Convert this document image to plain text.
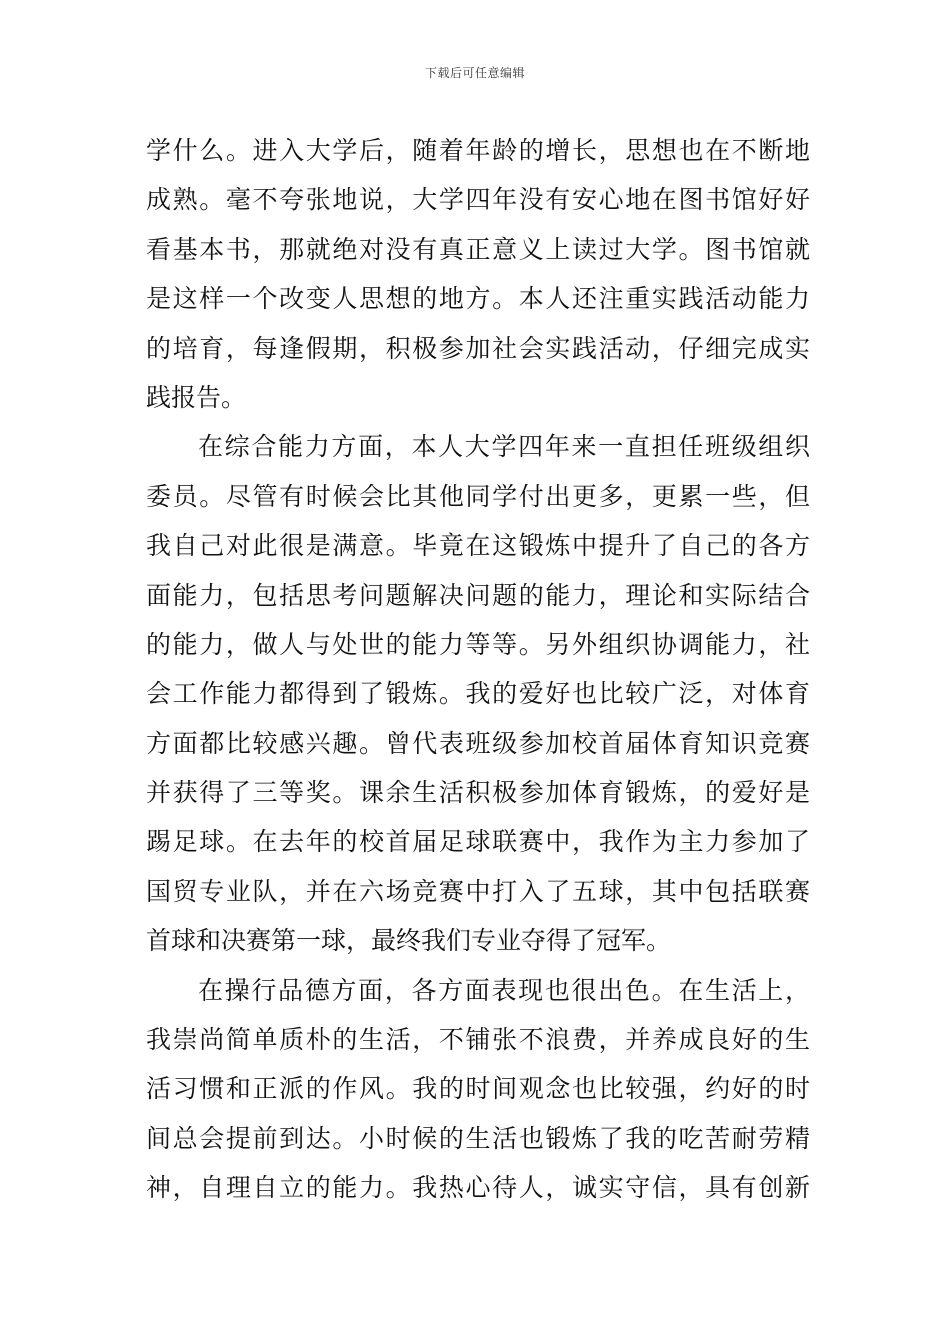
下载后可任意编辑
学什么。进入大学后，随着年龄的增长，思想也在不断地
成熟。毫不夸张地说，大学四年没有安心地在图书馆好好
看基本书，那就绝对没有真正意义上读过大学。图书馆就
是这样一个改变人思想的地方。本人还注重实践活动能力
的培育，每逢假期，积极参加社会实践活动，仔细完成实
践报告。
在综合能力方面，本人大学四年来一直担任班级组织
委员。尽管有时候会比其他同学付出更多，更累一些，但
我自己对此很是满意。毕竟在这锻炼中提升了自己的各方
面能力，包括思考问题解决问题的能力，理论和实际结合
的能力，做人与处世的能力等等。另外组织协调能力，社
会工作能力都得到了锻炼。我的爱好也比较广泛，对体育
方面都比较感兴趣。曾代表班级参加校首届体育知识竞赛
并获得了三等奖。课余生活积极参加体育锻炼，的爱好是
踢足球。在去年的校首届足球联赛中，我作为主力参加了
国贸专业队，并在六场竞赛中打入了五球，其中包括联赛
首球和决赛第一球，最终我们专业夺得了冠军。
在操行品德方面，各方面表现也很出色。在生活上，
我崇尚简单质朴的生活，不铺张不浪费，并养成良好的生
活习惯和正派的作风。我的时间观念也比较强，约好的时
间总会提前到达。小时候的生活也锻炼了我的吃苦耐劳精
神，自理自立的能力。我热心待人，诚实守信，具有创新
